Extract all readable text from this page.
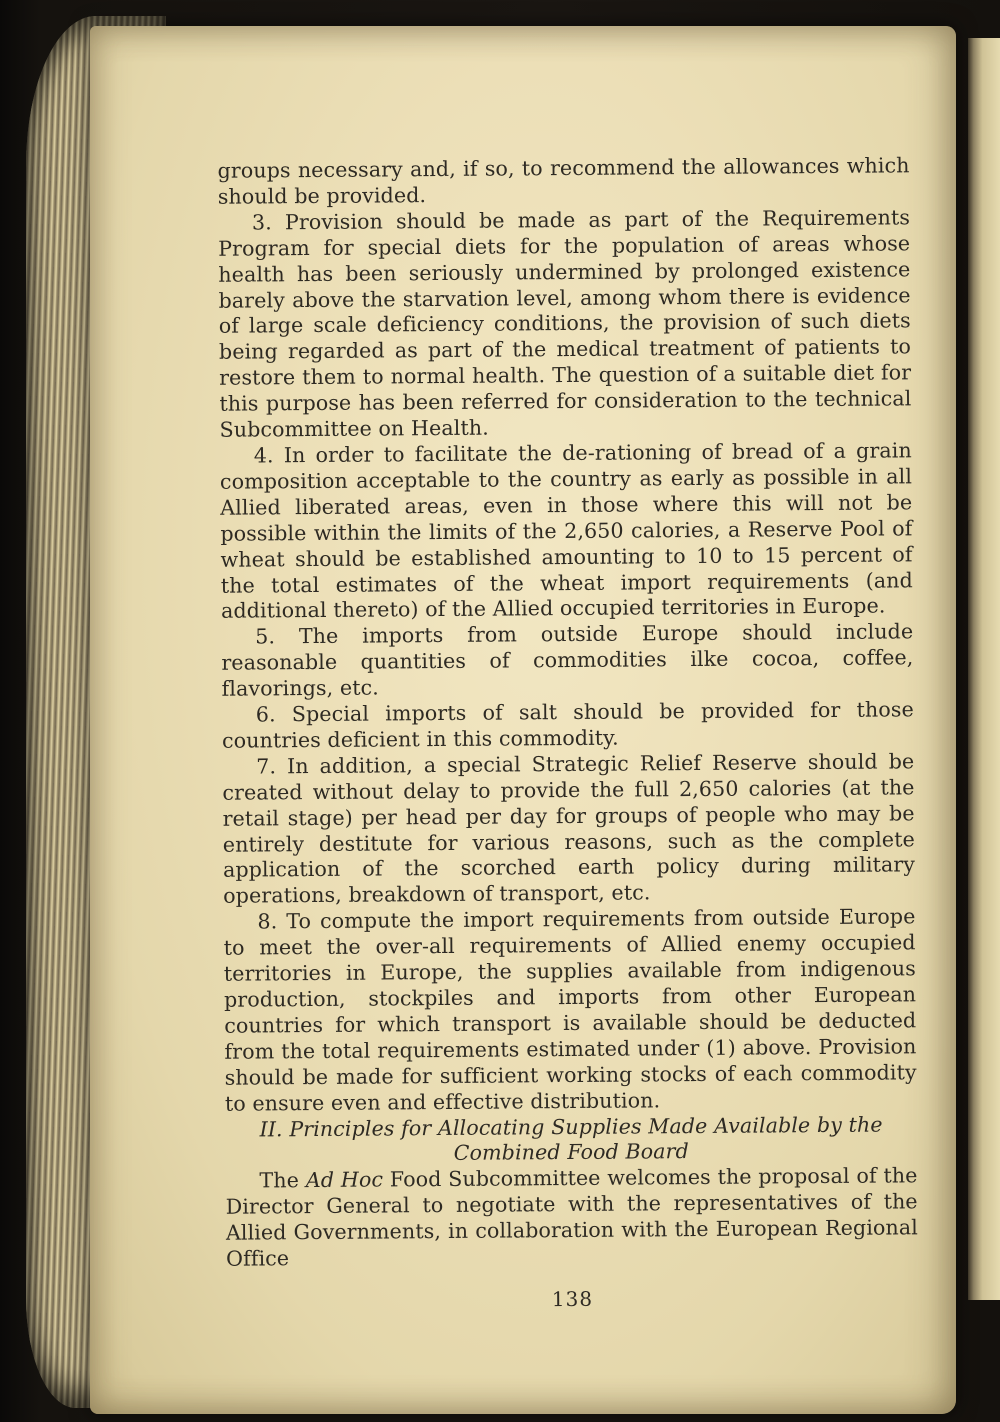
groups necessary and, if so, to recommend the allowances which should be provided.

3. Provision should be made as part of the Requirements Program for special diets for the population of areas whose health has been seriously undermined by prolonged existence barely above the starvation level, among whom there is evidence of large scale deficiency conditions, the provision of such diets being regarded as part of the medical treatment of patients to restore them to normal health. The question of a suitable diet for this purpose has been referred for consideration to the technical Subcommittee on Health.

4. In order to facilitate the de-rationing of bread of a grain composition acceptable to the country as early as possible in all Allied liberated areas, even in those where this will not be possible within the limits of the 2,650 calories, a Reserve Pool of wheat should be established amounting to 10 to 15 percent of the total estimates of the wheat import requirements (and additional thereto) of the Allied occupied territories in Europe.

5. The imports from outside Europe should include reasonable quantities of commodities ilke cocoa, coffee, flavorings, etc.

6. Special imports of salt should be provided for those countries deficient in this commodity.

7. In addition, a special Strategic Relief Reserve should be created without delay to provide the full 2,650 calories (at the retail stage) per head per day for groups of people who may be entirely destitute for various reasons, such as the complete application of the scorched earth policy during military operations, breakdown of transport, etc.

8. To compute the import requirements from outside Europe to meet the over-all requirements of Allied enemy occupied territories in Europe, the supplies available from indigenous production, stockpiles and imports from other European countries for which transport is available should be deducted from the total requirements estimated under (1) above. Provision should be made for sufficient working stocks of each commodity to ensure even and effective distribution.

II. Principles for Allocating Supplies Made Available by the Combined Food Board

The Ad Hoc Food Subcommittee welcomes the proposal of the Director General to negotiate with the representatives of the Allied Governments, in collaboration with the European Regional Office

138
